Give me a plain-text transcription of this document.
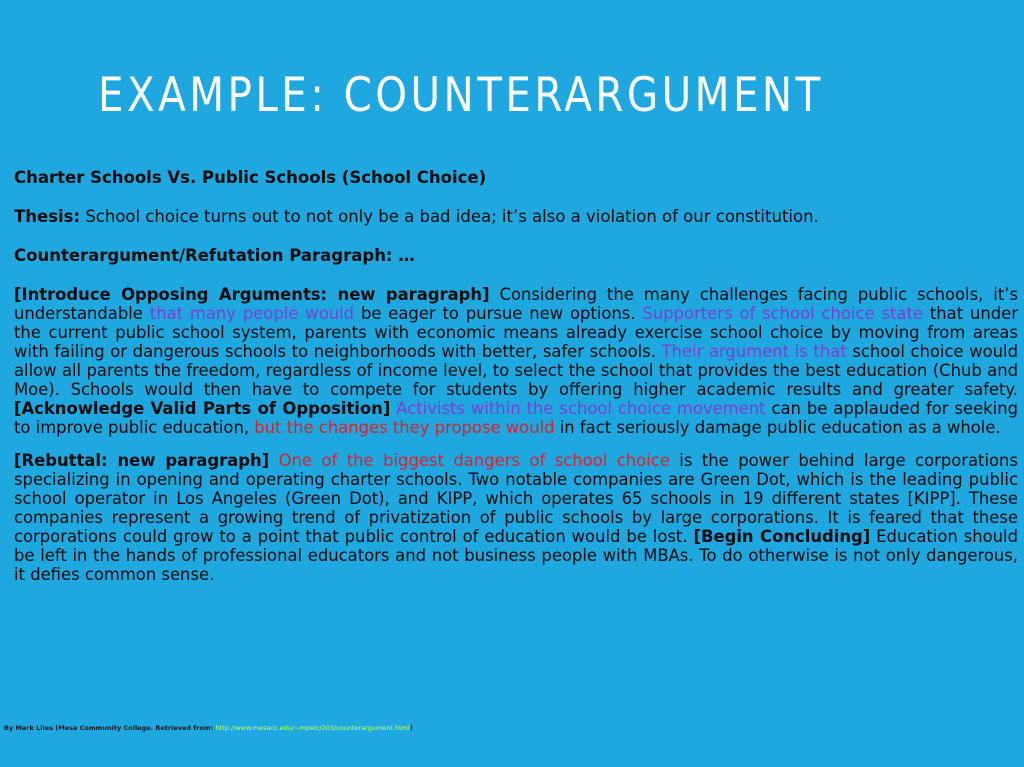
EXAMPLE: COUNTERARGUMENT

Charter Schools Vs. Public Schools (School Choice)

Thesis: School choice turns out to not only be a bad idea; it’s also a violation of our constitution.

Counterargument/Refutation Paragraph: …

[Introduce Opposing Arguments: new paragraph] Considering the many challenges facing public schools, it’s understandable that many people would be eager to pursue new options. Supporters of school choice state that under the current public school system, parents with economic means already exercise school choice by moving from areas with failing or dangerous schools to neighborhoods with better, safer schools. Their argument is that school choice would allow all parents the freedom, regardless of income level, to select the school that provides the best education (Chub and Moe). Schools would then have to compete for students by offering higher academic results and greater safety. [Acknowledge Valid Parts of Opposition] Activists within the school choice movement can be applauded for seeking to improve public education, but the changes they propose would in fact seriously damage public education as a whole.

[Rebuttal: new paragraph] One of the biggest dangers of school choice is the power behind large corporations specializing in opening and operating charter schools. Two notable companies are Green Dot, which is the leading public school operator in Los Angeles (Green Dot), and KIPP, which operates 65 schools in 19 different states [KIPP]. These companies represent a growing trend of privatization of public schools by large corporations. It is feared that these corporations could grow to a point that public control of education would be lost. [Begin Concluding] Education should be left in the hands of professional educators and not business people with MBAs. To do otherwise is not only dangerous, it defies common sense.

By Mark Liles (Mesa Community College. Retrieved from: http://www.mesacc.edu/~mpelc/203/counterargument.html)
